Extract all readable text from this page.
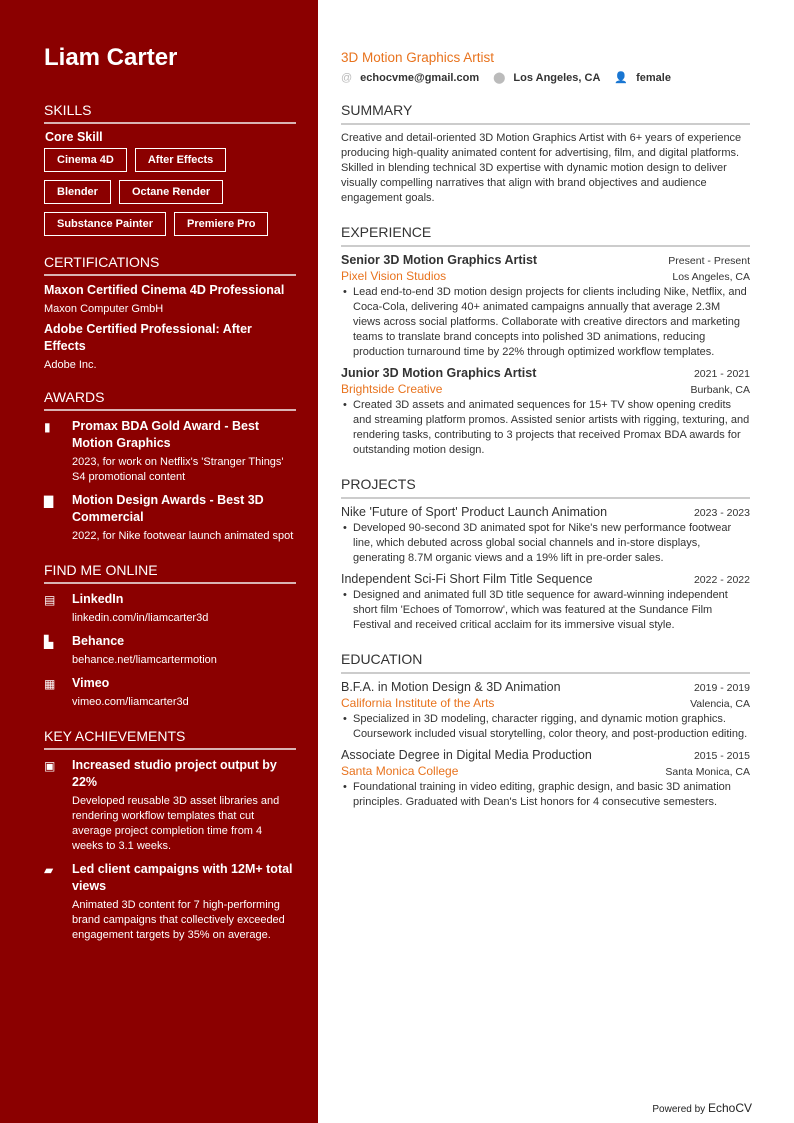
Liam Carter
SKILLS
Core Skill
Cinema 4D	After Effects
Blender	Octane Render
Substance Painter	Premiere Pro
CERTIFICATIONS
Maxon Certified Cinema 4D Professional
Maxon Computer GmbH
Adobe Certified Professional: After Effects
Adobe Inc.
AWARDS
▮	Promax BDA Gold Award - Best Motion Graphics
2023, for work on Netflix's 'Stranger Things' S4 promotional content
▇	Motion Design Awards - Best 3D Commercial
2022, for Nike footwear launch animated spot
FIND ME ONLINE
▤	LinkedIn
linkedin.com/in/liamcarter3d
▙	Behance
behance.net/liamcartermotion
▦	Vimeo
vimeo.com/liamcarter3d
KEY ACHIEVEMENTS
▣	Increased studio project output by 22%
Developed reusable 3D asset libraries and rendering workflow templates that cut average project completion time from 4 weeks to 3.1 weeks.
▰	Led client campaigns with 12M+ total views
Animated 3D content for 7 high-performing brand campaigns that collectively exceeded engagement targets by 35% on average.
3D Motion Graphics Artist
@ echocvme@gmail.com ⬤ Los Angeles, CA 👤 female
SUMMARY
Creative and detail-oriented 3D Motion Graphics Artist with 6+ years of experience producing high-quality animated content for advertising, film, and digital platforms. Skilled in blending technical 3D expertise with dynamic motion design to deliver visually compelling narratives that align with brand objectives and audience engagement goals.
EXPERIENCE
Senior 3D Motion Graphics Artist	Present - Present
Pixel Vision Studios	Los Angeles, CA
• Lead end-to-end 3D motion design projects for clients including Nike, Netflix, and Coca-Cola, delivering 40+ animated campaigns annually that average 2.3M views across social platforms. Collaborate with creative directors and marketing teams to translate brand concepts into polished 3D animations, reducing production turnaround time by 22% through optimized workflow templates.
Junior 3D Motion Graphics Artist	2021 - 2021
Brightside Creative	Burbank, CA
• Created 3D assets and animated sequences for 15+ TV show opening credits and streaming platform promos. Assisted senior artists with rigging, texturing, and rendering tasks, contributing to 3 projects that received Promax BDA awards for outstanding motion design.
PROJECTS
Nike 'Future of Sport' Product Launch Animation	2023 - 2023
• Developed 90-second 3D animated spot for Nike's new performance footwear line, which debuted across global social channels and in-store displays, generating 8.7M organic views and a 19% lift in pre-order sales.
Independent Sci-Fi Short Film Title Sequence	2022 - 2022
• Designed and animated full 3D title sequence for award-winning independent short film 'Echoes of Tomorrow', which was featured at the Sundance Film Festival and received critical acclaim for its immersive visual style.
EDUCATION
B.F.A. in Motion Design & 3D Animation	2019 - 2019
California Institute of the Arts	Valencia, CA
• Specialized in 3D modeling, character rigging, and dynamic motion graphics. Coursework included visual storytelling, color theory, and post-production editing.
Associate Degree in Digital Media Production	2015 - 2015
Santa Monica College	Santa Monica, CA
• Foundational training in video editing, graphic design, and basic 3D animation principles. Graduated with Dean's List honors for 4 consecutive semesters.
Powered by EchoCV
